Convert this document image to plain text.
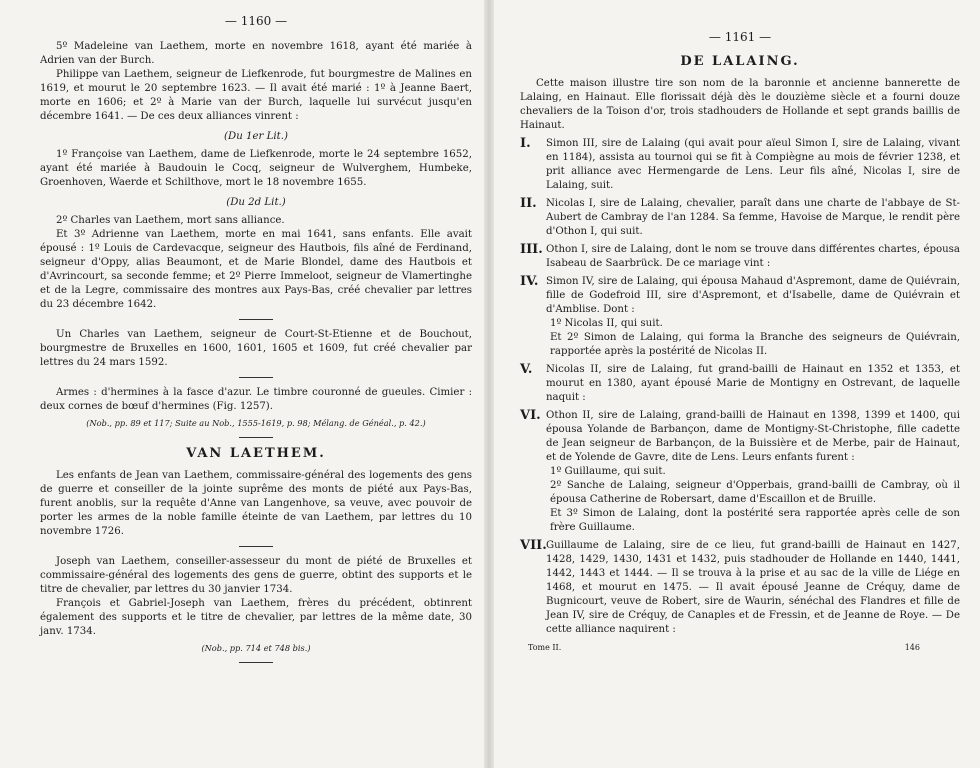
— 1160 —

5º Madeleine van Laethem, morte en novembre 1618, ayant été mariée à Adrien van der Burch.

Philippe van Laethem, seigneur de Liefkenrode, fut bourgmestre de Malines en 1619, et mourut le 20 septembre 1623. — Il avait été marié : 1º à Jeanne Baert, morte en 1606; et 2º à Marie van der Burch, laquelle lui survécut jusqu'en décembre 1641. — De ces deux alliances vinrent :

(Du 1er Lit.)

1º Françoise van Laethem, dame de Liefkenrode, morte le 24 septembre 1652, ayant été mariée à Baudouin le Cocq, seigneur de Wulverghem, Humbeke, Groenhoven, Waerde et Schilthove, mort le 18 novembre 1655.

(Du 2d Lit.)

2º Charles van Laethem, mort sans alliance.

Et 3º Adrienne van Laethem, morte en mai 1641, sans enfants. Elle avait épousé : 1º Louis de Cardevacque, seigneur des Hautbois, fils aîné de Ferdinand, seigneur d'Oppy, alias Beaumont, et de Marie Blondel, dame des Hautbois et d'Avrincourt, sa seconde femme; et 2º Pierre Immeloot, seigneur de Vlamertinghe et de la Legre, commissaire des montres aux Pays-Bas, créé chevalier par lettres du 23 décembre 1642.

Un Charles van Laethem, seigneur de Court-St-Etienne et de Bouchout, bourgmestre de Bruxelles en 1600, 1601, 1605 et 1609, fut créé chevalier par lettres du 24 mars 1592.

Armes : d'hermines à la fasce d'azur. Le timbre couronné de gueules. Cimier : deux cornes de bœuf d'hermines (Fig. 1257).

(Nob., pp. 89 et 117; Suite au Nob., 1555-1619, p. 98; Mélang. de Généal., p. 42.)

VAN LAETHEM.

Les enfants de Jean van Laethem, commissaire-général des logements des gens de guerre et conseiller de la jointe suprême des monts de piété aux Pays-Bas, furent anoblis, sur la requête d'Anne van Langenhove, sa veuve, avec pouvoir de porter les armes de la noble famille éteinte de van Laethem, par lettres du 10 novembre 1726.

Joseph van Laethem, conseiller-assesseur du mont de piété de Bruxelles et commissaire-général des logements des gens de guerre, obtint des supports et le titre de chevalier, par lettres du 30 janvier 1734.

François et Gabriel-Joseph van Laethem, frères du précédent, obtinrent également des supports et le titre de chevalier, par lettres de la même date, 30 janv. 1734.

(Nob., pp. 714 et 748 bis.)

— 1161 —
DE LALAING.

Cette maison illustre tire son nom de la baronnie et ancienne bannerette de Lalaing, en Hainaut. Elle florissait déjà dès le douzième siècle et a fourni douze chevaliers de la Toison d'or, trois stadhouders de Hollande et sept grands baillis de Hainaut.

I.	Simon III, sire de Lalaing (qui avait pour aïeul Simon I, sire de Lalaing, vivant en 1184), assista au tournoi qui se fit à Compiègne au mois de février 1238, et prit alliance avec Hermengarde de Lens. Leur fils aîné, Nicolas I, sire de Lalaing, suit.

II. Nicolas I, sire de Lalaing, chevalier, paraît dans une charte de l'abbaye de St-Aubert de Cambray de l'an 1284. Sa femme, Havoise de Marque, le rendit père d'Othon I, qui suit.

III. Othon I, sire de Lalaing, dont le nom se trouve dans différentes chartes, épousa Isabeau de Saarbrück. De ce mariage vint :

IV. Simon IV, sire de Lalaing, qui épousa Mahaud d'Aspremont, dame de Quiévrain, fille de Godefroid III, sire d'Aspremont, et d'Isabelle, dame de Quiévrain et d'Amblise. Dont :

1º Nicolas II, qui suit.

Et 2º Simon de Lalaing, qui forma la Branche des seigneurs de Quiévrain, rapportée après la postérité de Nicolas II.

V.	Nicolas II, sire de Lalaing, fut grand-bailli de Hainaut en 1352 et 1353, et mourut en 1380, ayant épousé Marie de Montigny en Ostrevant, de laquelle naquit :

VI. Othon II, sire de Lalaing, grand-bailli de Hainaut en 1398, 1399 et 1400, qui épousa Yolande de Barbançon, dame de Montigny-St-Christophe, fille cadette de Jean seigneur de Barbançon, de la Buissière et de Merbe, pair de Hainaut, et de Yolende de Gavre, dite de Lens. Leurs enfants furent :

1º Guillaume, qui suit.

2º Sanche de Lalaing, seigneur d'Opperbais, grand-bailli de Cambray, où il épousa Catherine de Robersart, dame d'Escaillon et de Bruille.

Et 3º Simon de Lalaing, dont la postérité sera rapportée après celle de son frère Guillaume.

VII. Guillaume de Lalaing, sire de ce lieu, fut grand-bailli de Hainaut en 1427, 1428, 1429, 1430, 1431 et 1432, puis stadhouder de Hollande en 1440, 1441, 1442, 1443 et 1444. — Il se trouva à la prise et au sac de la ville de Liége en 1468, et mourut en 1475. — Il avait épousé Jeanne de Créquy, dame de Bugnicourt, veuve de Robert, sire de Waurin, sénéchal des Flandres et fille de Jean IV, sire de Créquy, de Canaples et de Fressin, et de Jeanne de Roye. — De cette alliance naquirent :

Tome II.	146
